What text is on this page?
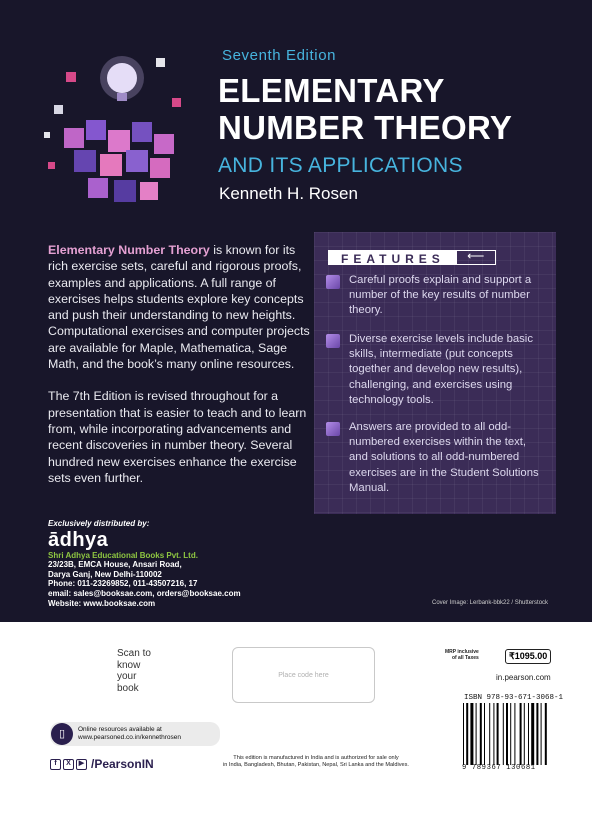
Seventh Edition
ELEMENTARY
NUMBER THEORY
AND ITS APPLICATIONS
Kenneth H. Rosen

Elementary Number Theory is known for its rich exercise sets, careful and rigorous proofs, examples and applications. A full range of exercises helps students explore key concepts and push their understanding to new heights. Computational exercises and computer projects are available for Maple, Mathematica, Sage Math, and the book’s many online resources.

The 7th Edition is revised throughout for a presentation that is easier to teach and to learn from, while incorporating advancements and recent discoveries in number theory. Several hundred new exercises enhance the exercise sets even further.

FEATURES	⟵
Careful proofs explain and support a number of the key results of number theory.
Diverse exercise levels include basic skills, intermediate (put concepts together and develop new results), challenging, and exercises using technology tools.
Answers are provided to all odd-numbered exercises within the text, and solutions to all odd-numbered exercises are in the Student Solutions Manual.
Exclusively distributed by:
ādhya
Shri Adhya Educational Books Pvt. Ltd.
23/23B, EMCA House, Ansari Road,
Darya Ganj, New Delhi-110002
Phone: 011-23269852, 011-43507216, 17
email: sales@booksae.com, orders@booksae.com
Website: www.booksae.com	Cover Image: Lerbank-bbk22 / Shutterstock
Scan to
know
your
book
Place code here
MRP inclusive
of all Taxes	₹1095.00
in.pearson.com
ISBN 978-93-671-3068-1
9 789367 130681
▯	Online resources available at
www.pearsoned.co.in/kennethrosen
f	X	▶ /PearsonIN	This edition is manufactured in India and is authorized for sale only
in India, Bangladesh, Bhutan, Pakistan, Nepal, Sri Lanka and the Maldives.
